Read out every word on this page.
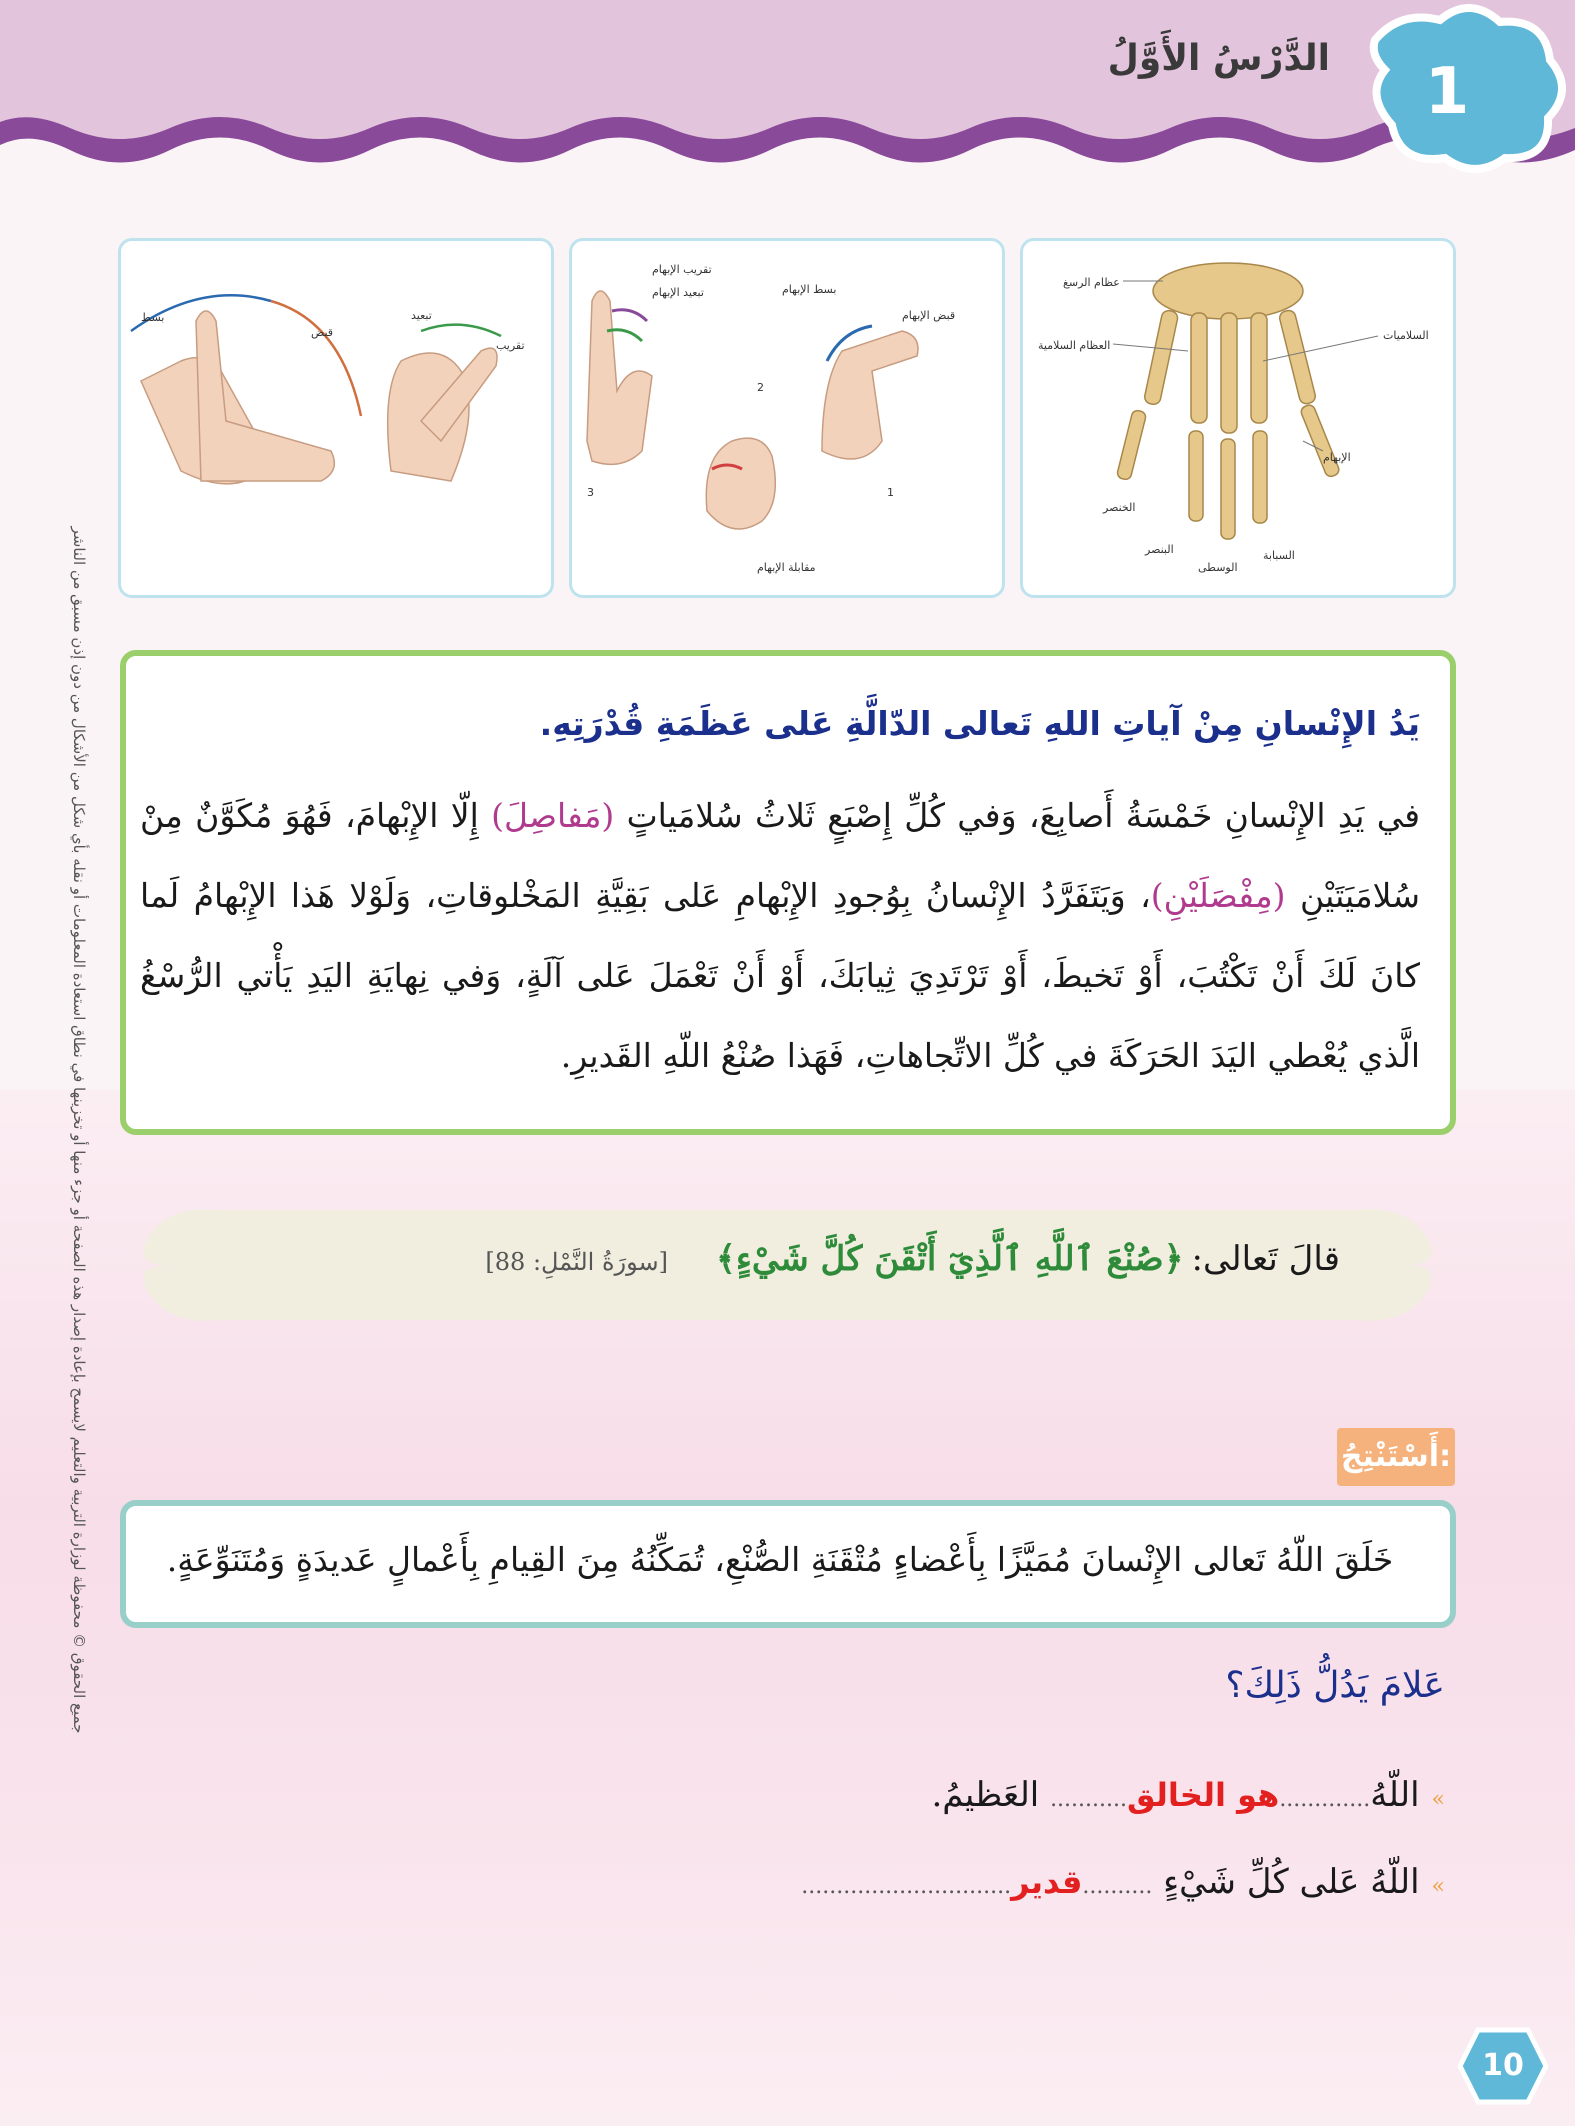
الدَّرْسُ الأَوَّلُ	1
جميع الحقوق © محفوظة لوزارة التربية والتعليم لايسمح بإعادة إصدار هذه الصفحة أو جزء منها أو تخزينها في نطاق استعادة المعلومات أو نقله بأي شكل من الأشكال من دون إذن مسبق من الناشر
عظام الرسغ
العظام السلامية
السلاميات
الإبهام
الخنصر
البنصر
الوسطى
السبابة
تقريب الإبهام
تبعيد الإبهام	بسط الإبهام
قبض الإبهام
مقابلة الإبهام
1
2
3
بسط
قبض
تبعيد
تقريب
يَدُ الإِنْسانِ مِنْ آياتِ اللهِ تَعالى الدّالَّةِ عَلى عَظَمَةِ قُدْرَتِهِ.
في يَدِ الإِنْسانِ خَمْسَةُ أَصابِعَ، وَفي كُلِّ إِصْبَعٍ ثَلاثُ سُلامَياتٍ (مَفاصِلَ) إِلّا الإِبْهامَ، فَهُوَ مُكَوَّنٌ مِنْ سُلامَيَتَيْنِ (مِفْصَلَيْنِ)، وَيَتَفَرَّدُ الإِنْسانُ بِوُجودِ الإِبْهامِ عَلى بَقِيَّةِ المَخْلوقاتِ، وَلَوْلا هَذا الإِبْهامُ لَما كانَ لَكَ أَنْ تَكْتُبَ، أَوْ تَخيطَ، أَوْ تَرْتَدِيَ ثِيابَكَ، أَوْ أَنْ تَعْمَلَ عَلى آلَةٍ، وَفي نِهايَةِ اليَدِ يَأْتي الرُّسْغُ الَّذي يُعْطي اليَدَ الحَرَكَةَ في كُلِّ الاتِّجاهاتِ، فَهَذا صُنْعُ اللّهِ القَديرِ.
قالَ تَعالى:﴿صُنْعَ ٱللَّهِ ٱلَّذِيٓ أَتْقَنَ كُلَّ شَيْءٍ﴾[سورَةُ النَّمْلِ: 88]
أَسْتَنْتِجُ:
خَلَقَ اللّهُ تَعالى الإِنْسانَ مُمَيَّزًا بِأَعْضاءٍ مُتْقَنَةِ الصُّنْعِ، تُمَكِّنُهُ مِنَ القِيامِ بِأَعْمالٍ عَديدَةٍ وَمُتَنَوِّعَةٍ.
عَلامَ يَدُلُّ ذَلِكَ؟
»اللّهُ.............هو الخالق........... العَظيمُ.
»اللّهُ عَلى كُلِّ شَيْءٍ ..........قدير..............................
10
